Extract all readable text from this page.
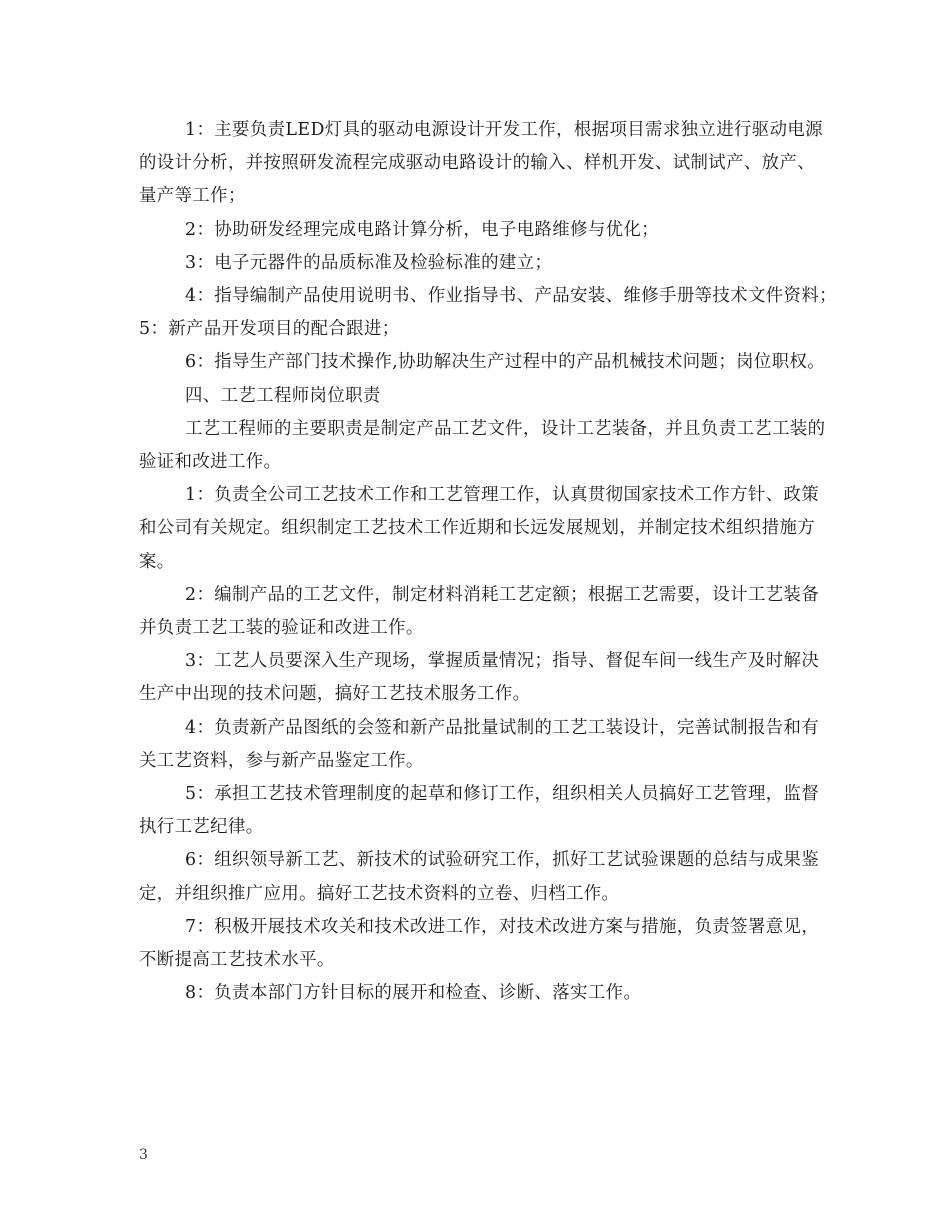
1：主要负责LED灯具的驱动电源设计开发工作，根据项目需求独立进行驱动电源的设计分析，并按照研发流程完成驱动电路设计的输入、样机开发、试制试产、放产、量产等工作；

2：协助研发经理完成电路计算分析，电子电路维修与优化；

3：电子元器件的品质标准及检验标准的建立；

4：指导编制产品使用说明书、作业指导书、产品安装、维修手册等技术文件资料；　5：新产品开发项目的配合跟进；

6：指导生产部门技术操作,协助解决生产过程中的产品机械技术问题；岗位职权。

四、工艺工程师岗位职责

工艺工程师的主要职责是制定产品工艺文件，设计工艺装备，并且负责工艺工装的验证和改进工作。

1：负责全公司工艺技术工作和工艺管理工作，认真贯彻国家技术工作方针、政策和公司有关规定。组织制定工艺技术工作近期和长远发展规划，并制定技术组织措施方案。

2：编制产品的工艺文件，制定材料消耗工艺定额；根据工艺需要，设计工艺装备并负责工艺工装的验证和改进工作。

3：工艺人员要深入生产现场，掌握质量情况；指导、督促车间一线生产及时解决生产中出现的技术问题，搞好工艺技术服务工作。

4：负责新产品图纸的会签和新产品批量试制的工艺工装设计，完善试制报告和有关工艺资料，参与新产品鉴定工作。

5：承担工艺技术管理制度的起草和修订工作，组织相关人员搞好工艺管理，监督执行工艺纪律。

6：组织领导新工艺、新技术的试验研究工作，抓好工艺试验课题的总结与成果鉴定，并组织推广应用。搞好工艺技术资料的立卷、归档工作。

7：积极开展技术攻关和技术改进工作，对技术改进方案与措施，负责签署意见，不断提高工艺技术水平。

8：负责本部门方针目标的展开和检查、诊断、落实工作。

3
